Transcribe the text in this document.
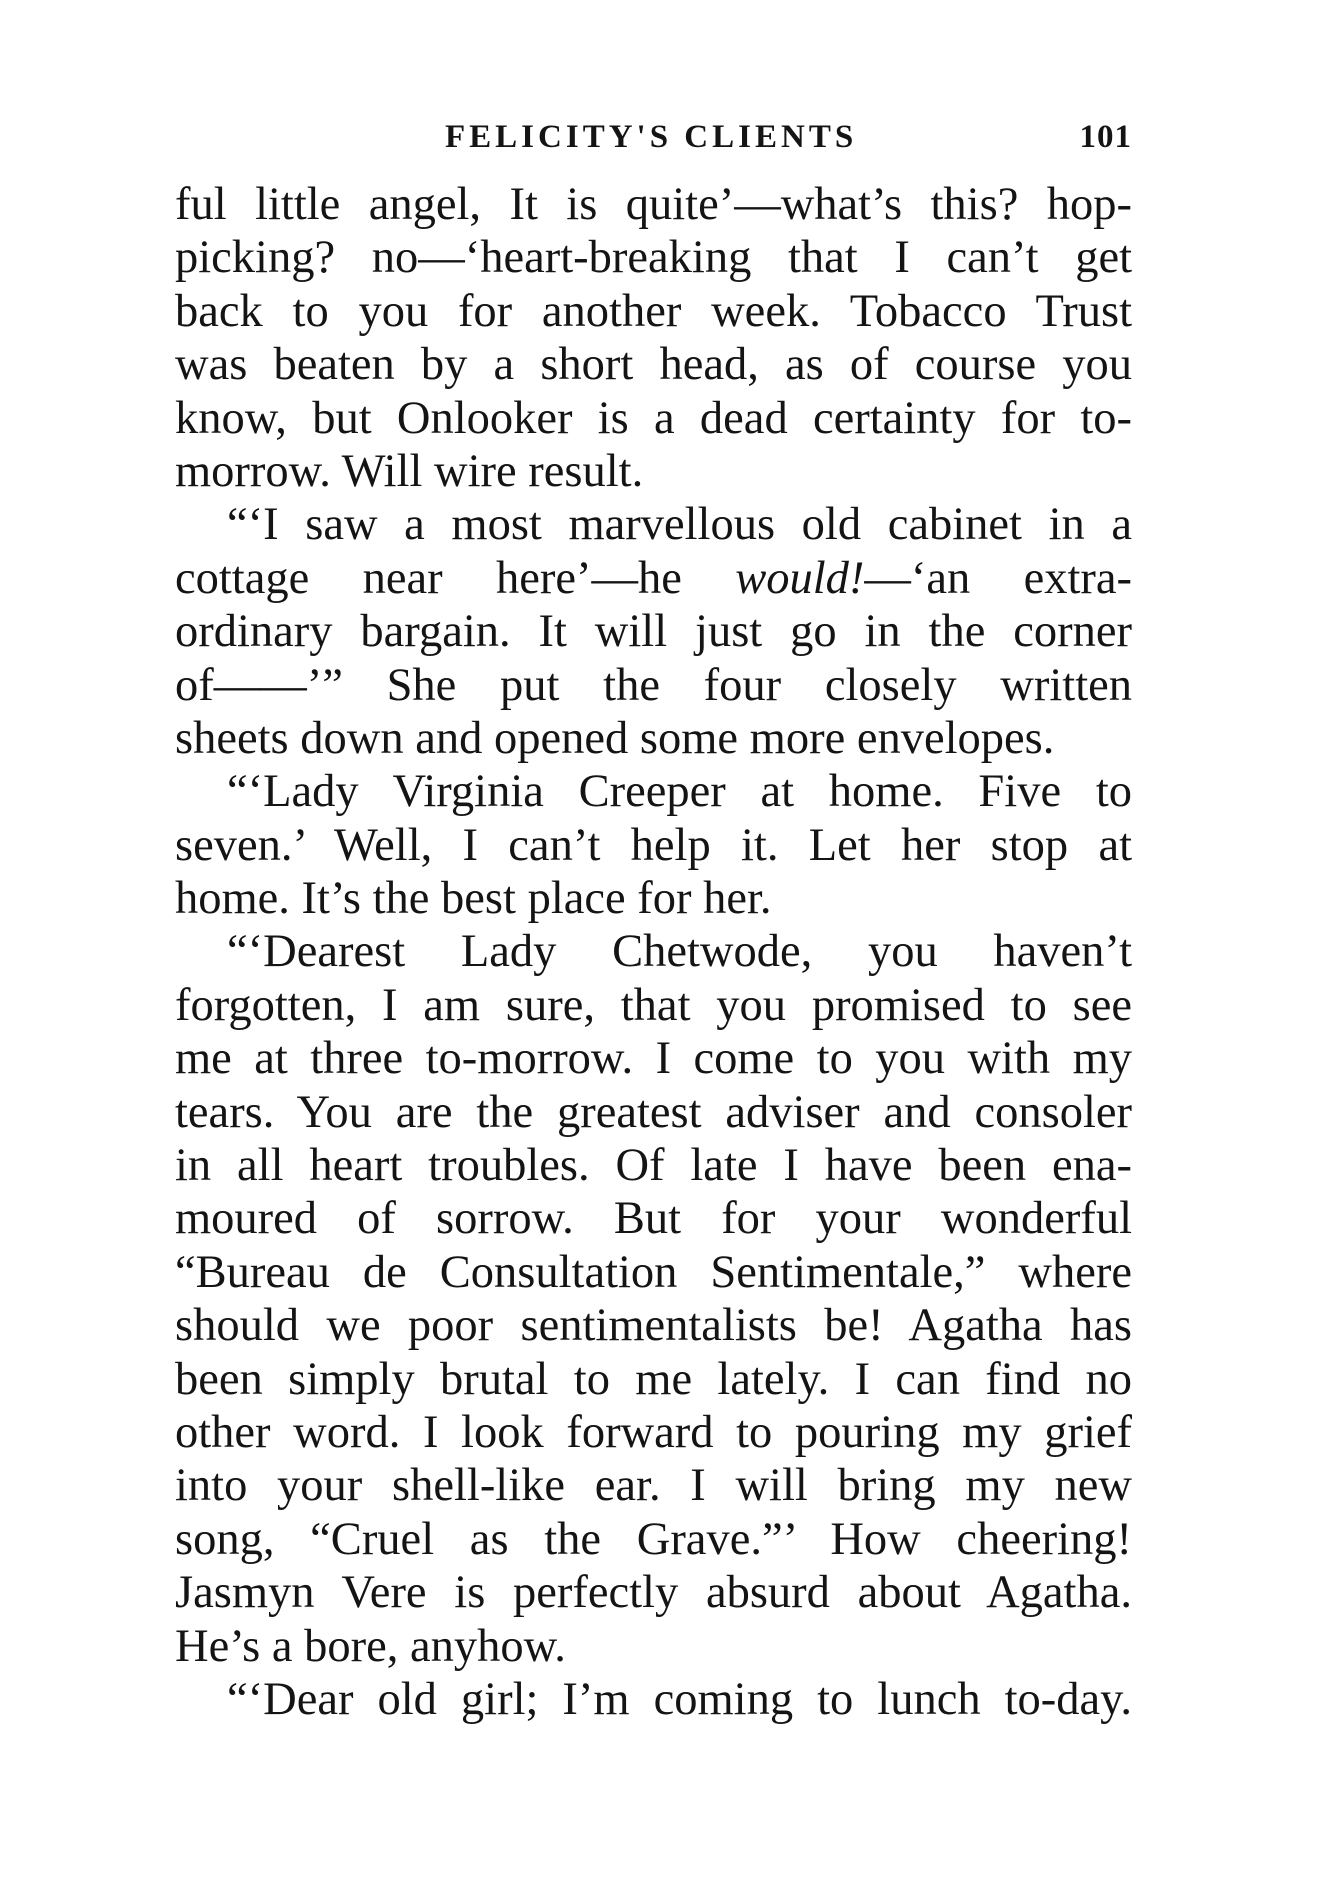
FELICITY'S CLIENTS	101
ful little angel, It is quite’—what’s this? hop-
picking? no—‘heart-breaking that I can’t get
back to you for another week. Tobacco Trust
was beaten by a short head, as of course you
know, but Onlooker is a dead certainty for to-
morrow. Will wire result.
“‘I saw a most marvellous old cabinet in a
cottage near here’—he would!—‘an extra-
ordinary bargain. It will just go in the corner
of——’” She put the four closely written
sheets down and opened some more envelopes.
“‘Lady Virginia Creeper at home. Five to
seven.’ Well, I can’t help it. Let her stop at
home. It’s the best place for her.
“‘Dearest Lady Chetwode, you haven’t
forgotten, I am sure, that you promised to see
me at three to-morrow. I come to you with my
tears. You are the greatest adviser and consoler
in all heart troubles. Of late I have been ena-
moured of sorrow. But for your wonderful
“Bureau de Consultation Sentimentale,” where
should we poor sentimentalists be! Agatha has
been simply brutal to me lately. I can find no
other word. I look forward to pouring my grief
into your shell-like ear. I will bring my new
song, “Cruel as the Grave.”’ How cheering!
Jasmyn Vere is perfectly absurd about Agatha.
He’s a bore, anyhow.
“‘Dear old girl; I’m coming to lunch to-day.
